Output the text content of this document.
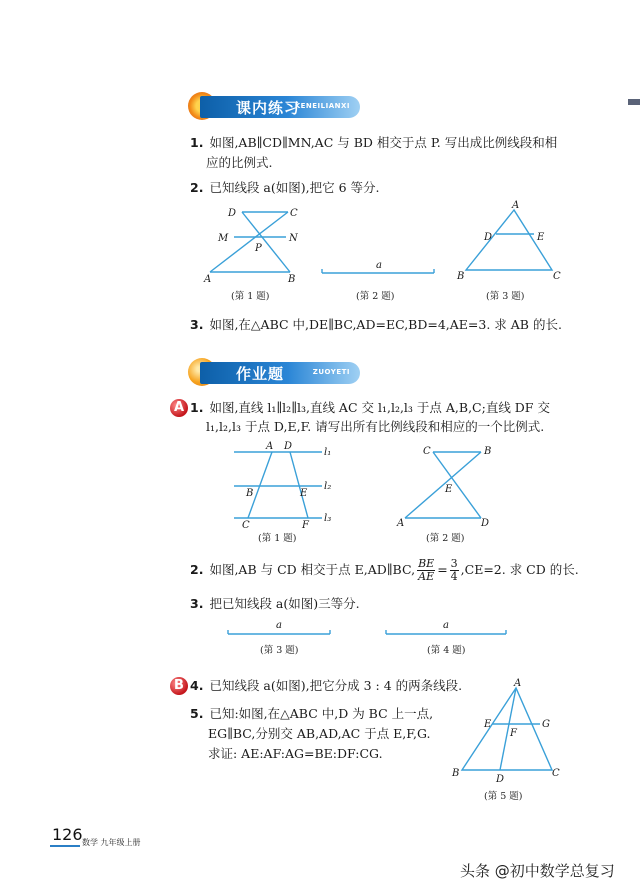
课内练习
KENEILIANXI
1. 如图,AB∥CD∥MN,AC 与 BD 相交于点 P. 写出成比例线段和相
应的比例式.
2. 已知线段 a(如图),把它 6 等分.
D	C
M	N
P
A	B
(第 1 题)
a
(第 2 题)
A
D	E
B	C
(第 3 题)
3. 如图,在△ABC 中,DE∥BC,AD=EC,BD=4,AE=3. 求 AB 的长.
作业题	ZUOYETI
A 1. 如图,直线 l₁∥l₂∥l₃,直线 AC 交 l₁,l₂,l₃ 于点 A,B,C;直线 DF 交
l₁,l₂,l₃ 于点 D,E,F. 请写出所有比例线段和相应的一个比例式.
A D
l₁
B	E
l₂
C	F
l₃
(第 1 题)
C	B
E
A	D
(第 2 题)
2. 如图,AB 与 CD 相交于点 E,AD∥BC, $\frac{BE}{AE} = \frac{3}{4} ,CE=2$. 求 CD 的长.
3. 把已知线段 a(如图)三等分.
a
(第 3 题)
a
(第 4 题)
B 4. 已知线段 a(如图),把它分成 3 : 4 的两条线段.
5. 已知:如图,在△ABC 中,D 为 BC 上一点,
EG∥BC,分别交 AB,AD,AC 于点 E,F,G.
求证: AE:AF:AG=BE:DF:CG.
A
E	G
F
B
D
C
(第 5 题)
126 数学 九年级上册
头条 @初中数学总复习
